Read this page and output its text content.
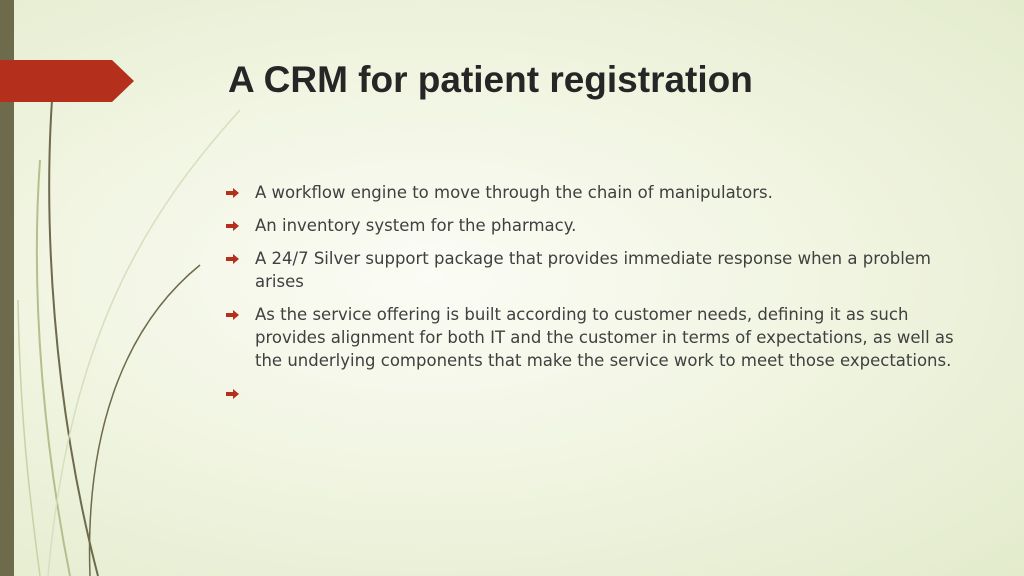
A CRM for patient registration
A workflow engine to move through the chain of manipulators.
An inventory system for the pharmacy.
A 24/7 Silver support package that provides immediate response when a problem arises
As the service offering is built according to customer needs, defining it as such provides alignment for both IT and the customer in terms of expectations, as well as the underlying components that make the service work to meet those expectations.
